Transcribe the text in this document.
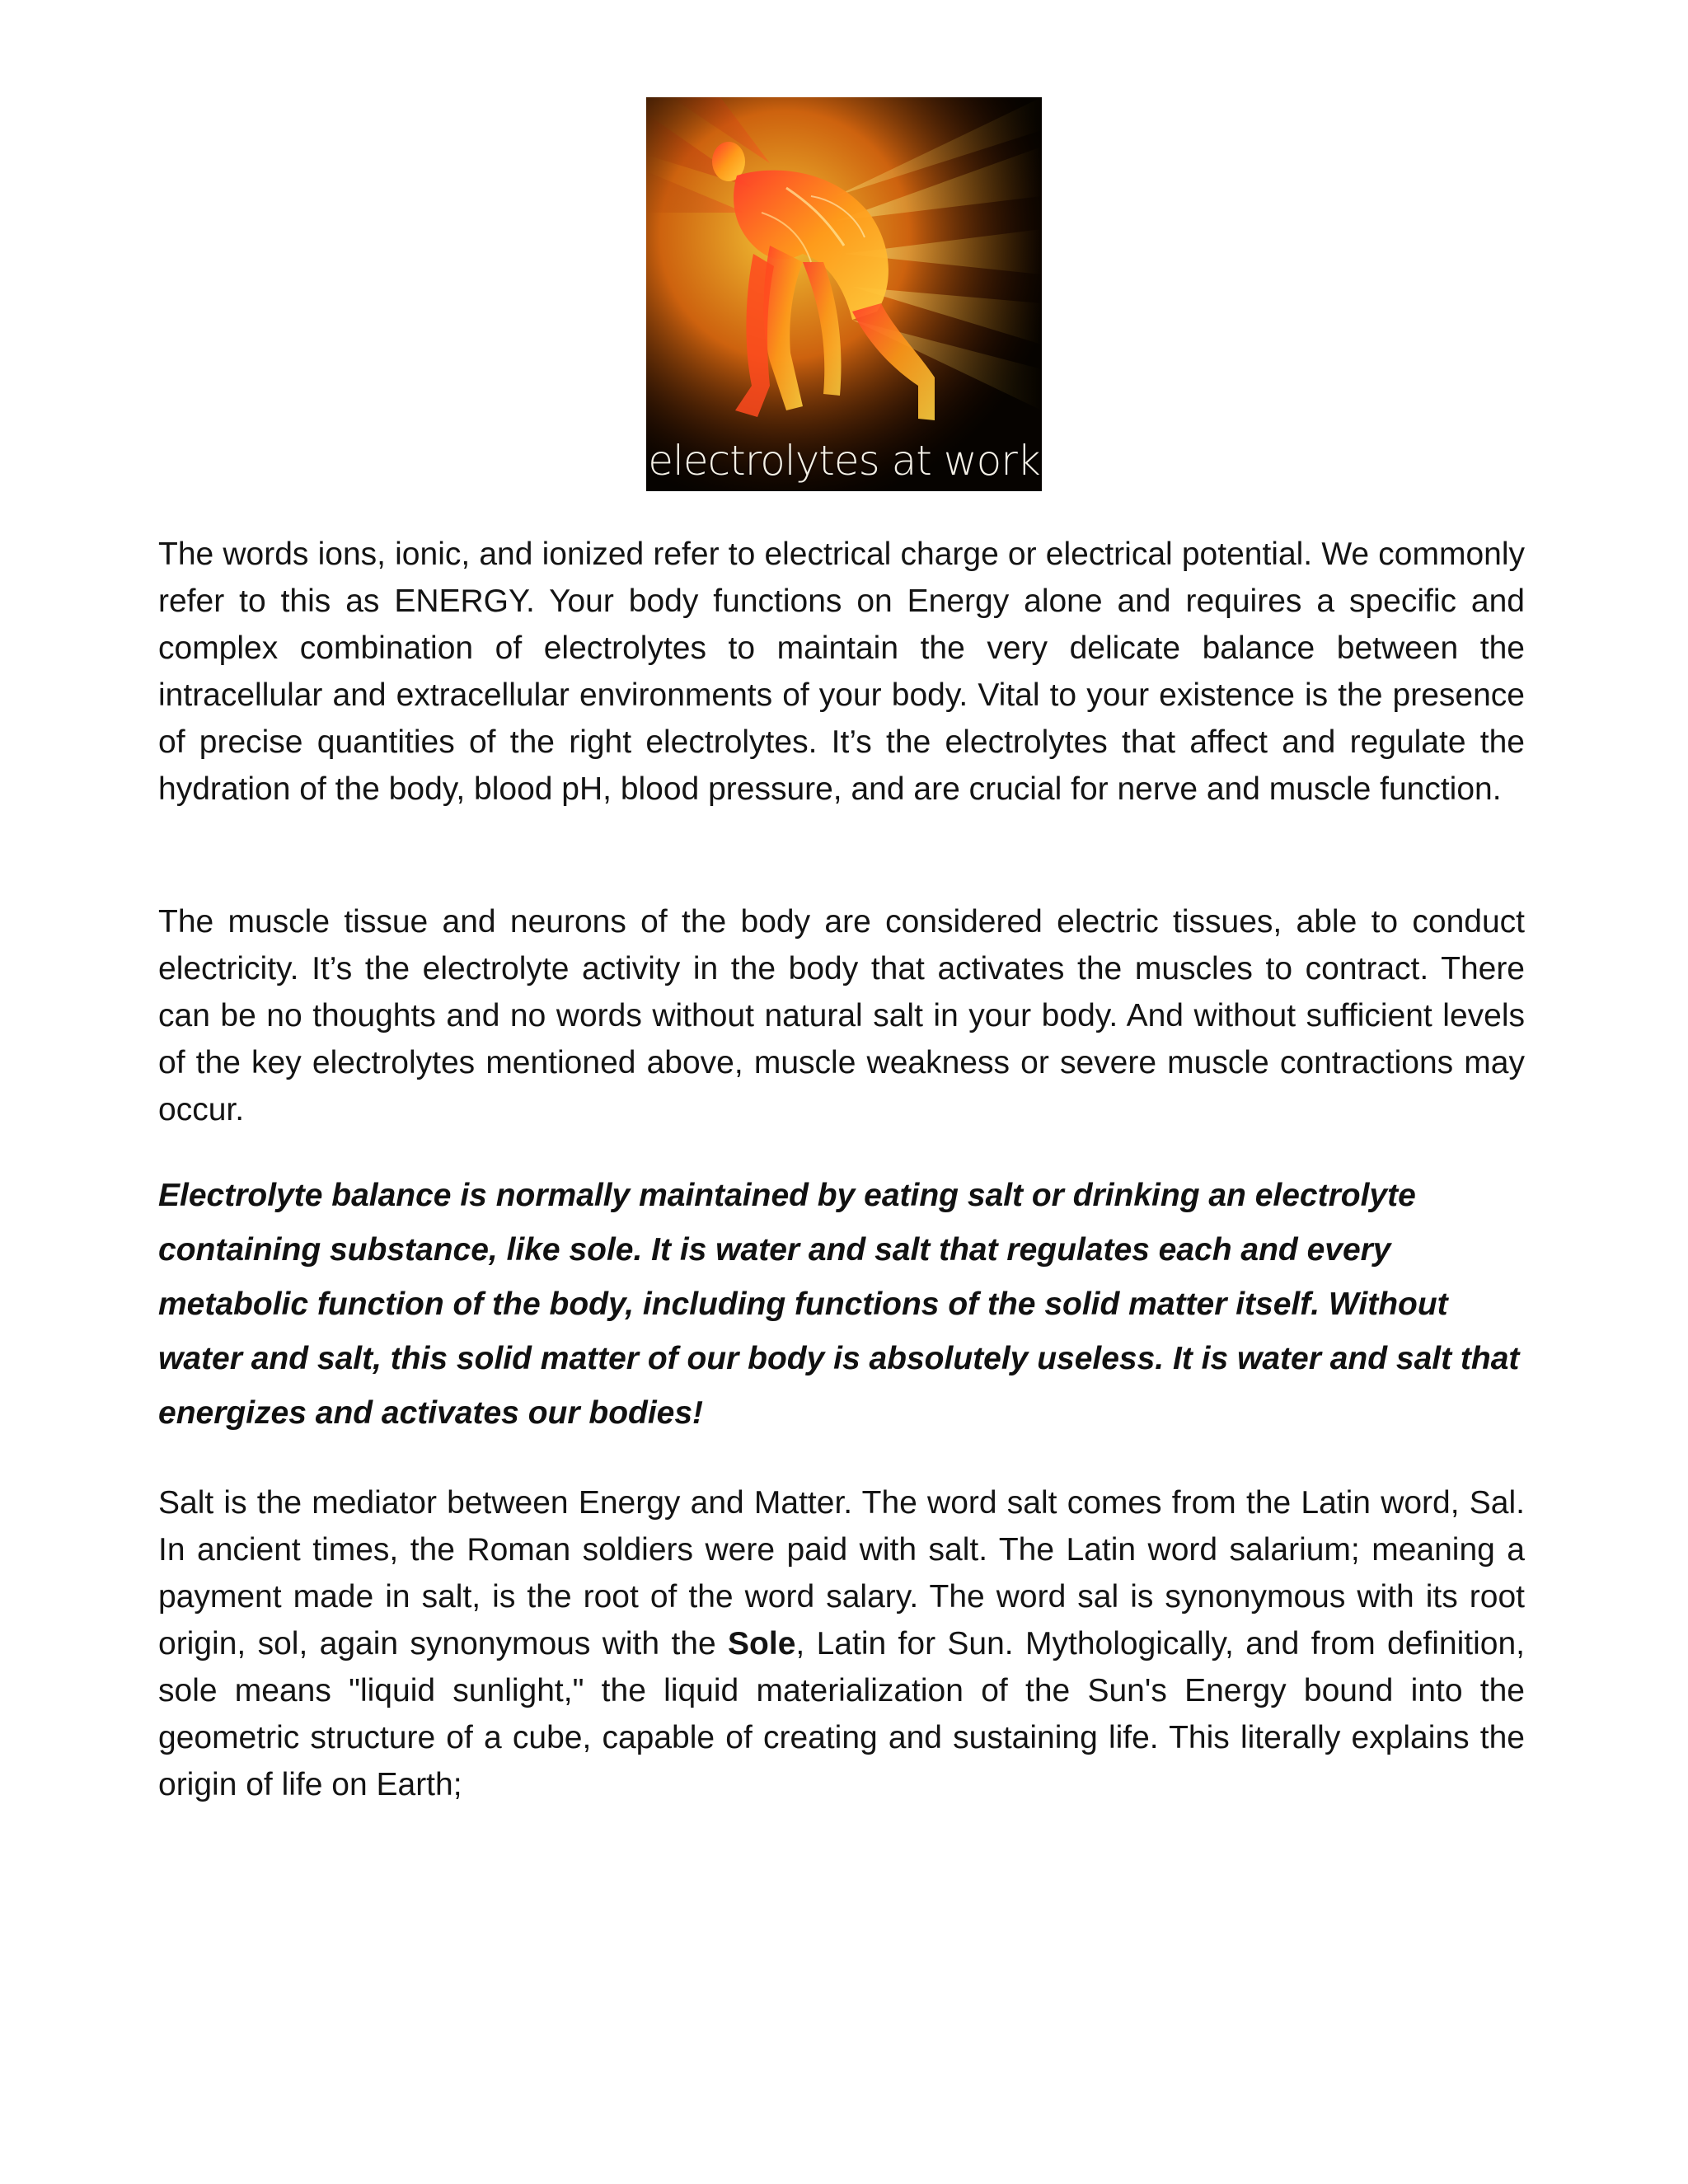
electrolytes at work

The words ions, ionic, and ionized refer to electrical charge or electrical potential. We commonly refer to this as ENERGY. Your body functions on Energy alone and requires a specific and complex combination of electrolytes to maintain the very delicate balance between the intracellular and extracellular environments of your body. Vital to your existence is the presence of precise quantities of the right electrolytes. It’s the electrolytes that affect and regulate the hydration of the body, blood pH, blood pressure, and are crucial for nerve and muscle function.

The muscle tissue and neurons of the body are considered electric tissues, able to conduct electricity. It’s the electrolyte activity in the body that activates the muscles to contract. There can be no thoughts and no words without natural salt in your body. And without sufficient levels of the key electrolytes mentioned above, muscle weakness or severe muscle contractions may occur.

Electrolyte balance is normally maintained by eating salt or drinking an electrolyte containing substance, like sole. It is water and salt that regulates each and every metabolic function of the body, including functions of the solid matter itself. Without water and salt, this solid matter of our body is absolutely useless. It is water and salt that energizes and activates our bodies!

Salt is the mediator between Energy and Matter. The word salt comes from the Latin word, Sal. In ancient times, the Roman soldiers were paid with salt. The Latin word salarium; meaning a payment made in salt, is the root of the word salary. The word sal is synonymous with its root origin, sol, again synonymous with the Sole, Latin for Sun. Mythologically, and from definition, sole means "liquid sunlight," the liquid materialization of the Sun's Energy bound into the geometric structure of a cube, capable of creating and sustaining life. This literally explains the origin of life on Earth;
